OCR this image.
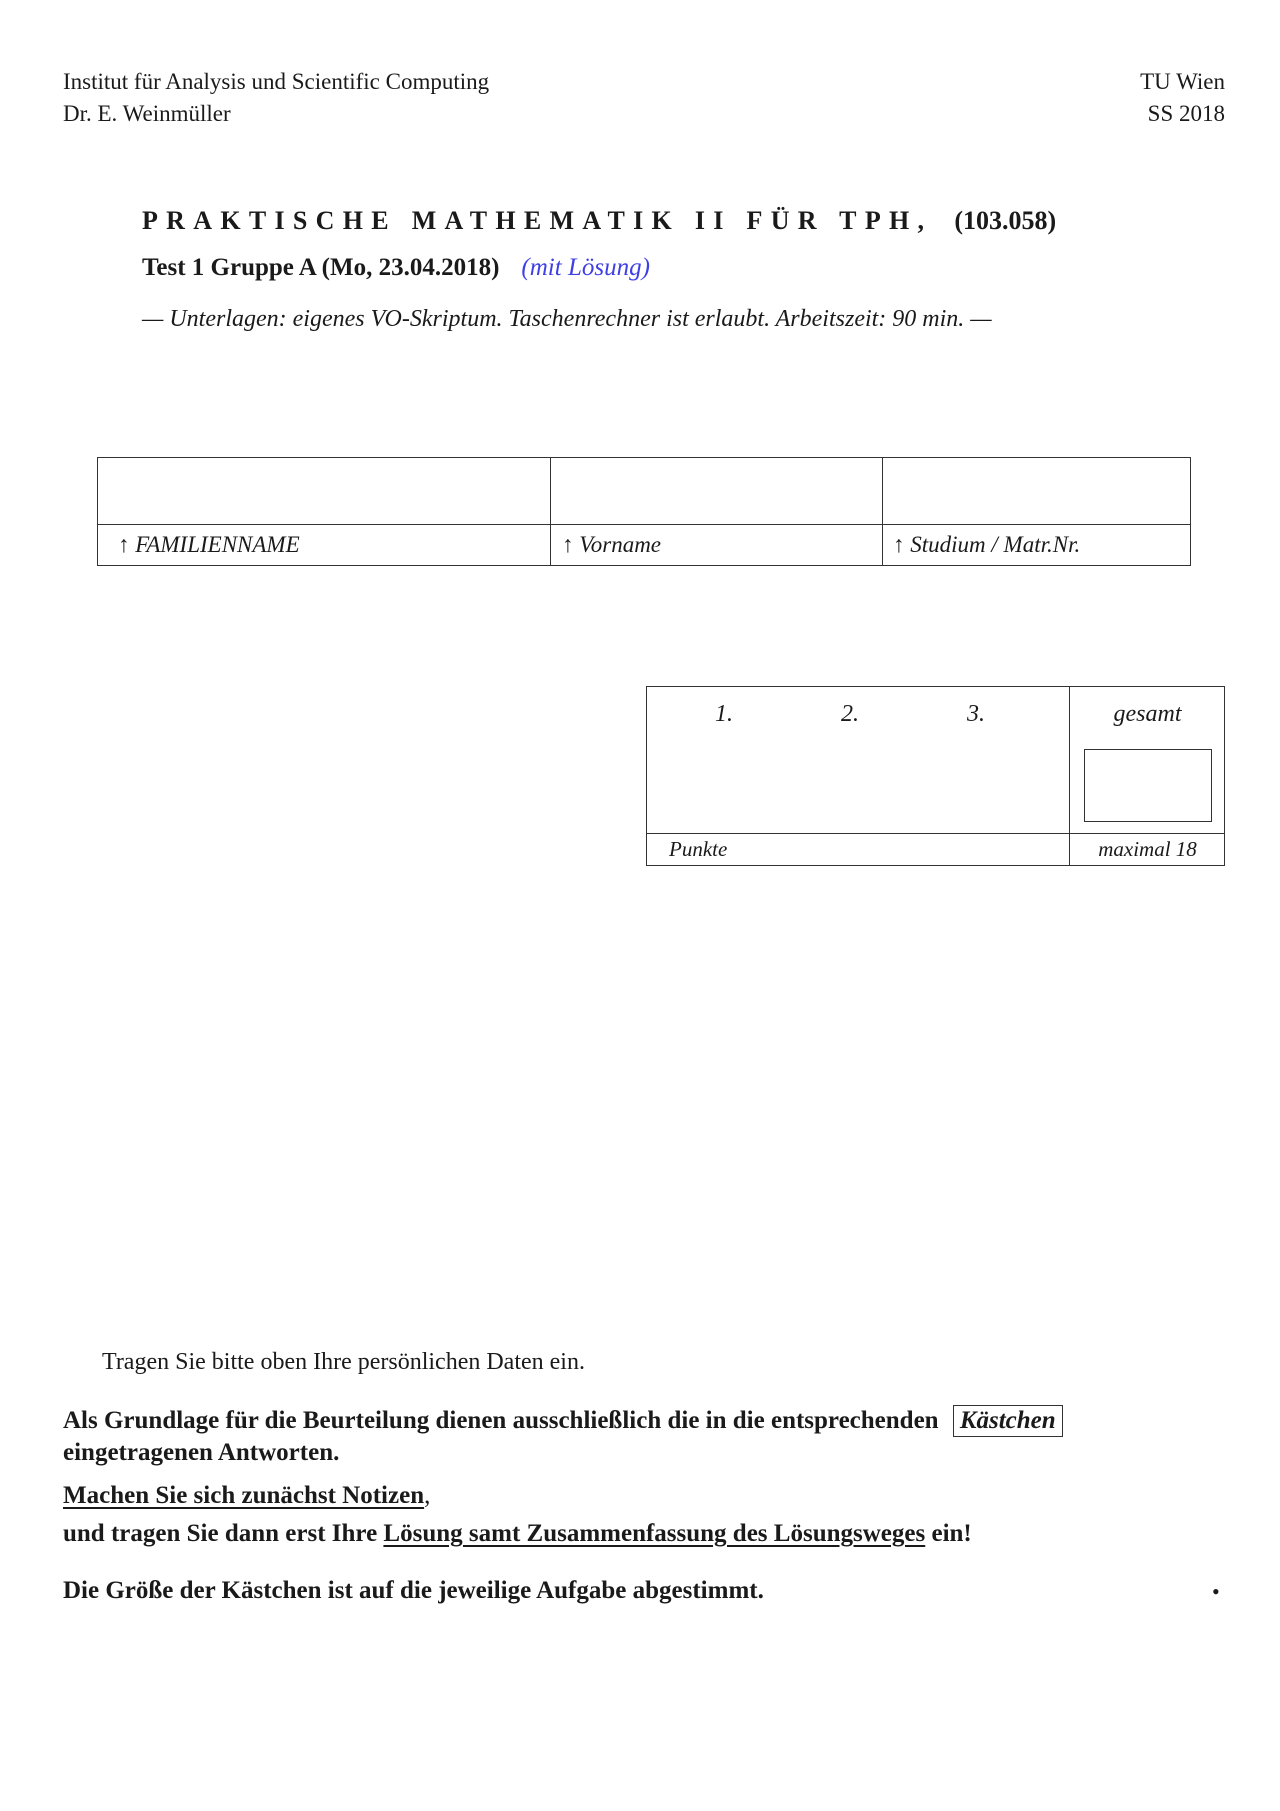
Institut für Analysis und Scientific Computing
Dr. E. Weinmüller
TU Wien
SS 2018
PRAKTISCHE MATHEMATIK II FÜR TPH, (103.058)
Test 1 Gruppe A (Mo, 23.04.2018) (mit Lösung)
— Unterlagen: eigenes VO-Skriptum. Taschenrechner ist erlaubt. Arbeitszeit: 90 min. —
↑ FAMILIENNAME	↑ Vorname	↑ Studium / Matr.Nr.
1.	2.	3.	gesamt
Punkte	maximal 18
Tragen Sie bitte oben Ihre persönlichen Daten ein.
Als Grundlage für die Beurteilung dienen ausschließlich die in die entsprechenden Kästchen
eingetragenen Antworten.
Machen Sie sich zunächst Notizen,
und tragen Sie dann erst Ihre Lösung samt Zusammenfassung des Lösungsweges ein!
Die Größe der Kästchen ist auf die jeweilige Aufgabe abgestimmt.	•
